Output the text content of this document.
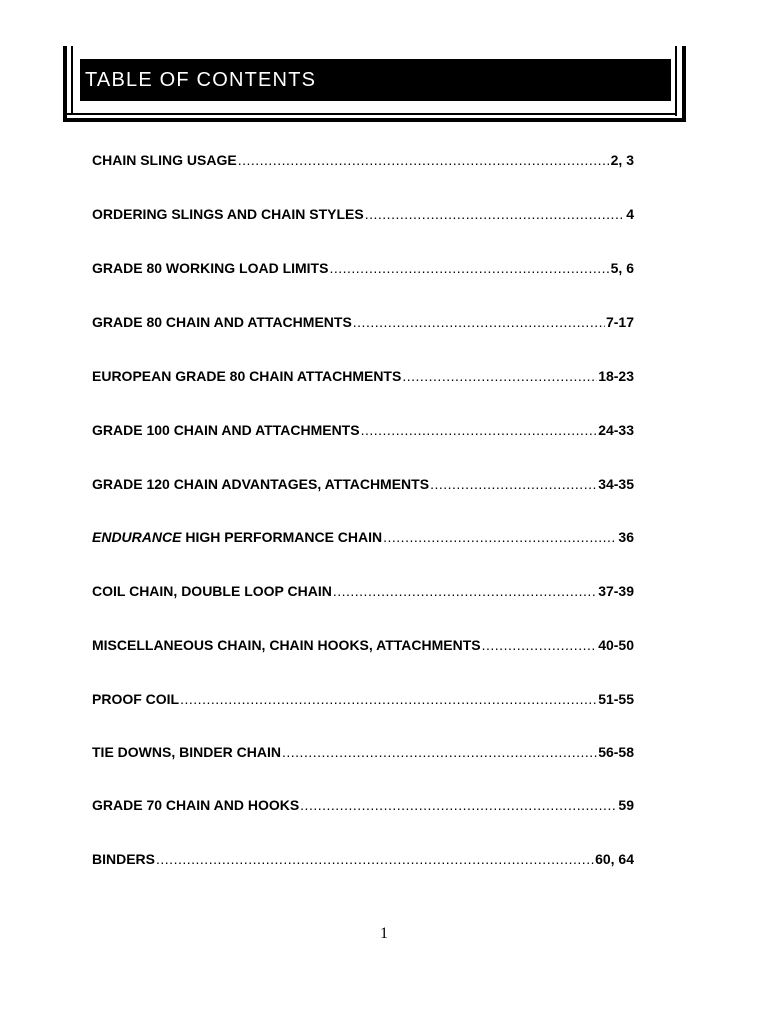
TABLE OF CONTENTS
CHAIN SLING USAGE .....	2, 3
ORDERING SLINGS AND CHAIN STYLES .....	4
GRADE 80 WORKING LOAD LIMITS .....	5, 6
GRADE 80 CHAIN AND ATTACHMENTS .....	7-17
EUROPEAN GRADE 80 CHAIN ATTACHMENTS .....	18-23
GRADE 100 CHAIN AND ATTACHMENTS .....	24-33
GRADE 120 CHAIN ADVANTAGES, ATTACHMENTS .....	34-35
ENDURANCE HIGH PERFORMANCE CHAIN .....	36
COIL CHAIN, DOUBLE LOOP CHAIN .....	37-39
MISCELLANEOUS CHAIN, CHAIN HOOKS, ATTACHMENTS .....	40-50
PROOF COIL .....	51-55
TIE DOWNS, BINDER CHAIN .....	56-58
GRADE 70 CHAIN AND HOOKS .....	59
BINDERS .....	60, 64
1
